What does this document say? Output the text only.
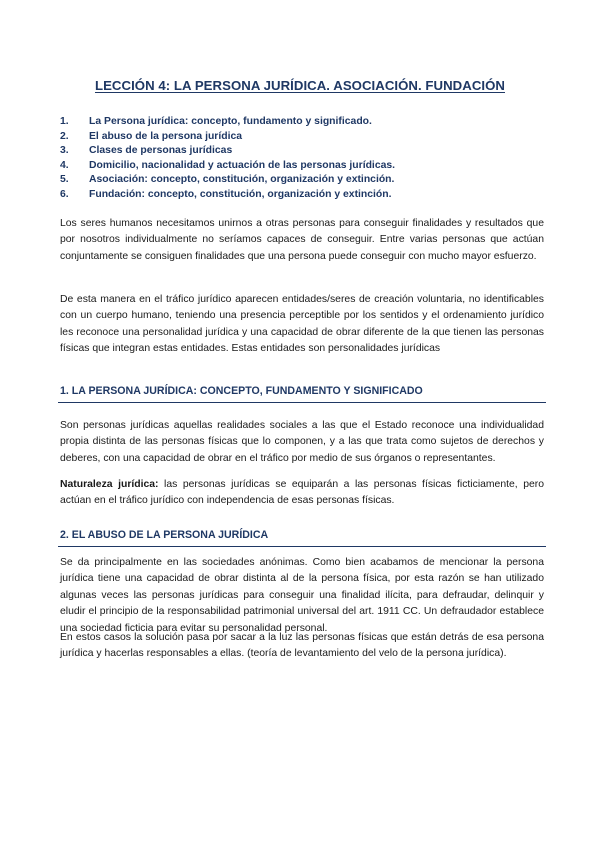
LECCIÓN 4: LA PERSONA JURÍDICA. ASOCIACIÓN. FUNDACIÓN
1.	La Persona jurídica: concepto, fundamento y significado.
2.	El abuso de la persona jurídica
3.	Clases de personas jurídicas
4.	Domicilio, nacionalidad y actuación de las personas jurídicas.
5.	Asociación: concepto, constitución, organización y extinción.
6.	Fundación: concepto, constitución, organización y extinción.

Los seres humanos necesitamos unirnos a otras personas para conseguir finalidades y resultados que por nosotros individualmente no seríamos capaces de conseguir. Entre varias personas que actúan conjuntamente se consiguen finalidades que una persona puede conseguir con mucho mayor esfuerzo.

De esta manera en el tráfico jurídico aparecen entidades/seres de creación voluntaria, no identificables con un cuerpo humano, teniendo una presencia perceptible por los sentidos y el ordenamiento jurídico les reconoce una personalidad jurídica y una capacidad de obrar diferente de la que tienen las personas físicas que integran estas entidades. Estas entidades son personalidades jurídicas

1. LA PERSONA JURÍDICA: CONCEPTO, FUNDAMENTO Y SIGNIFICADO

Son personas jurídicas aquellas realidades sociales a las que el Estado reconoce una individualidad propia distinta de las personas físicas que lo componen, y a las que trata como sujetos de derechos y deberes, con una capacidad de obrar en el tráfico por medio de sus órganos o representantes.

Naturaleza jurídica: las personas jurídicas se equiparán a las personas físicas ficticiamente, pero actúan en el tráfico jurídico con independencia de esas personas físicas.

2. EL ABUSO DE LA PERSONA JURÍDICA

Se da principalmente en las sociedades anónimas. Como bien acabamos de mencionar la persona jurídica tiene una capacidad de obrar distinta al de la persona física, por esta razón se han utilizado algunas veces las personas jurídicas para conseguir una finalidad ilícita, para defraudar, delinquir y eludir el principio de la responsabilidad patrimonial universal del art. 1911 CC. Un defraudador establece una sociedad ficticia para evitar su personalidad personal.

En estos casos la solución pasa por sacar a la luz las personas físicas que están detrás de esa persona jurídica y hacerlas responsables a ellas. (teoría de levantamiento del velo de la persona jurídica).
